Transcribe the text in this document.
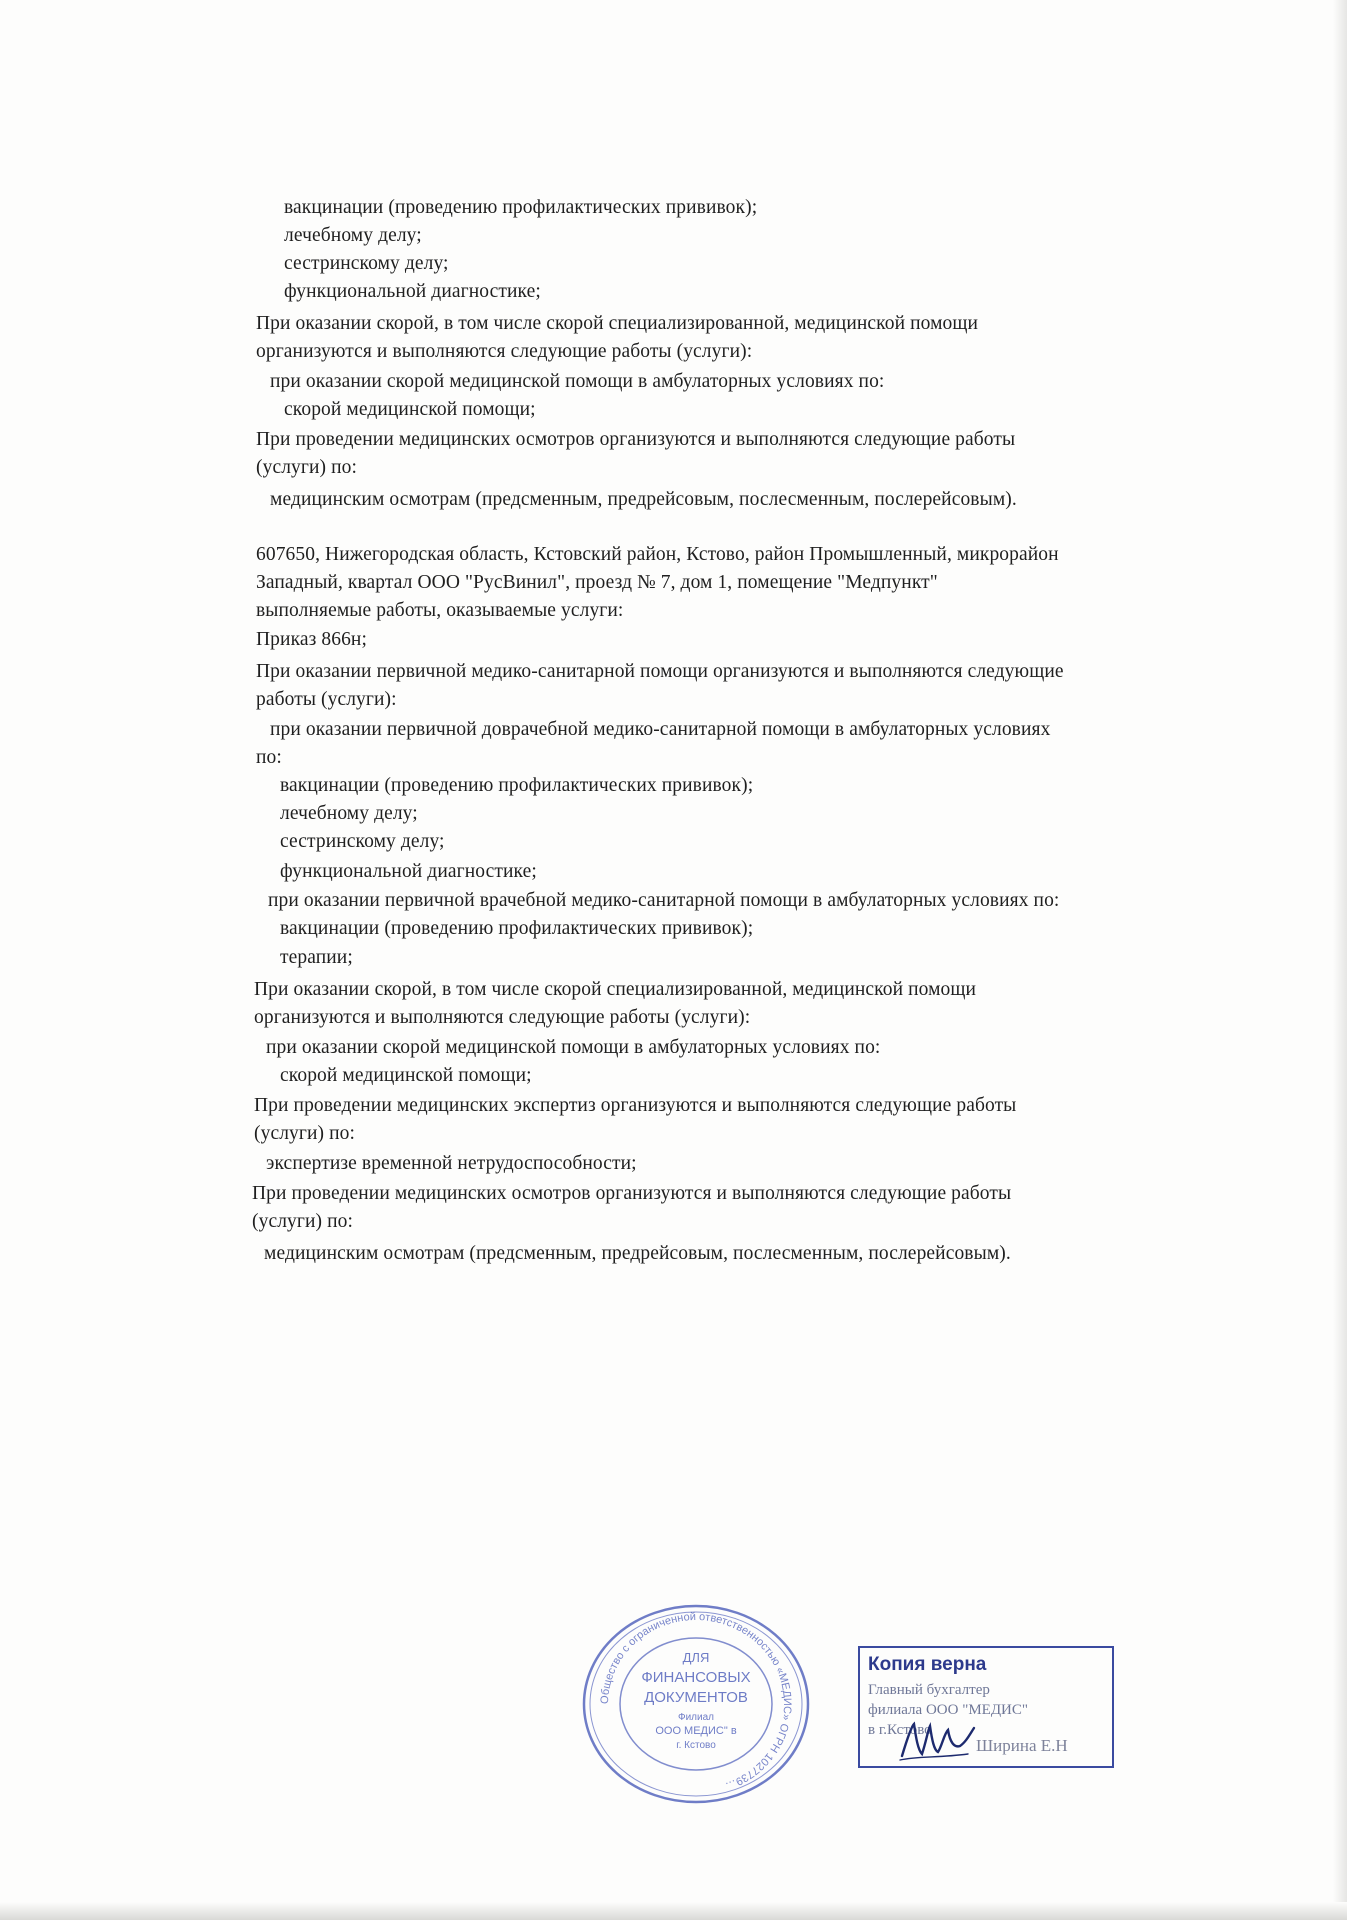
вакцинации (проведению профилактических прививок);
лечебному делу;
сестринскому делу;
функциональной диагностике;
При оказании скорой, в том числе скорой специализированной, медицинской помощи
организуются и выполняются следующие работы (услуги):
при оказании скорой медицинской помощи в амбулаторных условиях по:
скорой медицинской помощи;
При проведении медицинских осмотров организуются и выполняются следующие работы
(услуги) по:
медицинским осмотрам (предсменным, предрейсовым, послесменным, послерейсовым).
607650, Нижегородская область, Кстовский район, Кстово, район Промышленный, микрорайон
Западный, квартал ООО "РусВинил", проезд № 7, дом 1, помещение "Медпункт"
выполняемые работы, оказываемые услуги:
Приказ 866н;
При оказании первичной медико-санитарной помощи организуются и выполняются следующие
работы (услуги):
при оказании первичной доврачебной медико-санитарной помощи в амбулаторных условиях
по:
вакцинации (проведению профилактических прививок);
лечебному делу;
сестринскому делу;
функциональной диагностике;
при оказании первичной врачебной медико-санитарной помощи в амбулаторных условиях по:
вакцинации (проведению профилактических прививок);
терапии;
При оказании скорой, в том числе скорой специализированной, медицинской помощи
организуются и выполняются следующие работы (услуги):
при оказании скорой медицинской помощи в амбулаторных условиях по:
скорой медицинской помощи;
При проведении медицинских экспертиз организуются и выполняются следующие работы
(услуги) по:
экспертизе временной нетрудоспособности;
При проведении медицинских осмотров организуются и выполняются следующие работы
(услуги) по:
медицинским осмотрам (предсменным, предрейсовым, послесменным, послерейсовым).
Общество с ограниченной ответственностью «МЕДИС» ОГРН 1027739…
ДЛЯ
ФИНАНСОВЫХ
ДОКУМЕНТОВ
Филиал
ООО МЕДИС" в
г. Кстово
Копия верна
Главный бухгалтер
филиала ООО "МЕДИС"
в г.Кстово
Ширина Е.Н
